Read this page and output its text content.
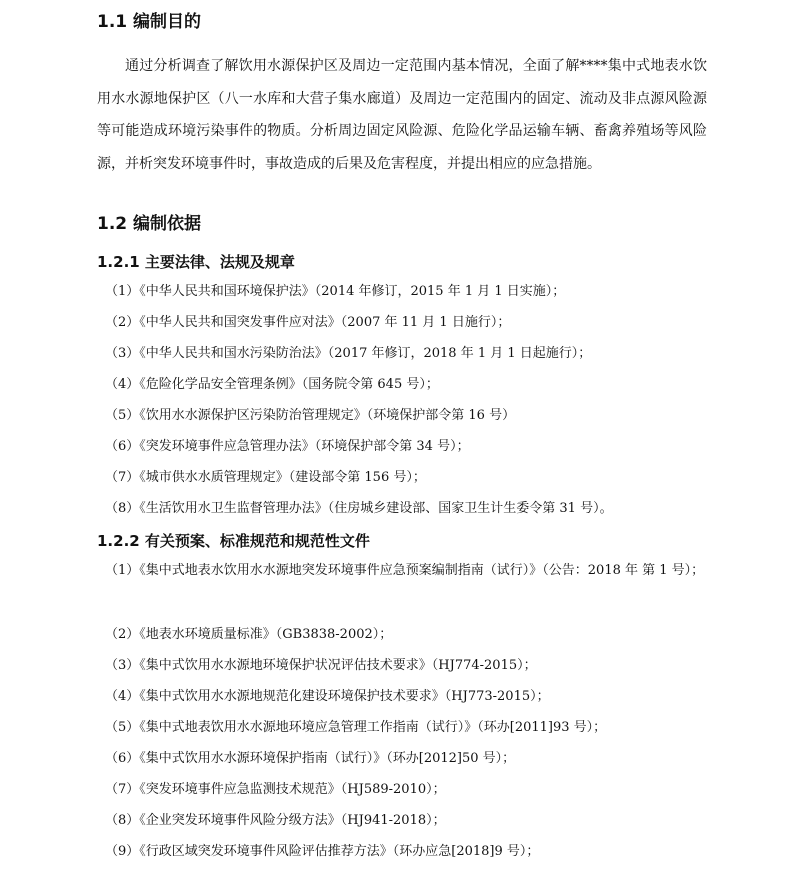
1.1 编制目的
通过分析调查了解饮用水源保护区及周边一定范围内基本情况，全面了解****集中式地表水饮用水水源地保护区（八一水库和大营子集水廊道）及周边一定范围内的固定、流动及非点源风险源等可能造成环境污染事件的物质。分析周边固定风险源、危险化学品运输车辆、畜禽养殖场等风险源，并析突发环境事件时，事故造成的后果及危害程度，并提出相应的应急措施。
1.2 编制依据
1.2.1 主要法律、法规及规章
（1）《中华人民共和国环境保护法》（2014 年修订，2015 年 1 月 1 日实施）；
（2）《中华人民共和国突发事件应对法》（2007 年 11 月 1 日施行）；
（3）《中华人民共和国水污染防治法》（2017 年修订，2018 年 1 月 1 日起施行）；
（4）《危险化学品安全管理条例》（国务院令第 645 号）；
（5）《饮用水水源保护区污染防治管理规定》（环境保护部令第 16 号）
（6）《突发环境事件应急管理办法》（环境保护部令第 34 号）；
（7）《城市供水水质管理规定》（建设部令第 156 号）；
（8）《生活饮用水卫生监督管理办法》（住房城乡建设部、国家卫生计生委令第 31 号）。
1.2.2 有关预案、标准规范和规范性文件
（1）《集中式地表水饮用水水源地突发环境事件应急预案编制指南（试行）》（公告：2018 年 第 1 号）；
（2）《地表水环境质量标准》（GB3838-2002）；
（3）《集中式饮用水水源地环境保护状况评估技术要求》（HJ774-2015）；
（4）《集中式饮用水水源地规范化建设环境保护技术要求》（HJ773-2015）；
（5）《集中式地表饮用水水源地环境应急管理工作指南（试行）》（环办[2011]93 号）；
（6）《集中式饮用水水源环境保护指南（试行）》（环办[2012]50 号）；
（7）《突发环境事件应急监测技术规范》（HJ589-2010）；
（8）《企业突发环境事件风险分级方法》（HJ941-2018）；
（9）《行政区域突发环境事件风险评估推荐方法》（环办应急[2018]9 号）；
